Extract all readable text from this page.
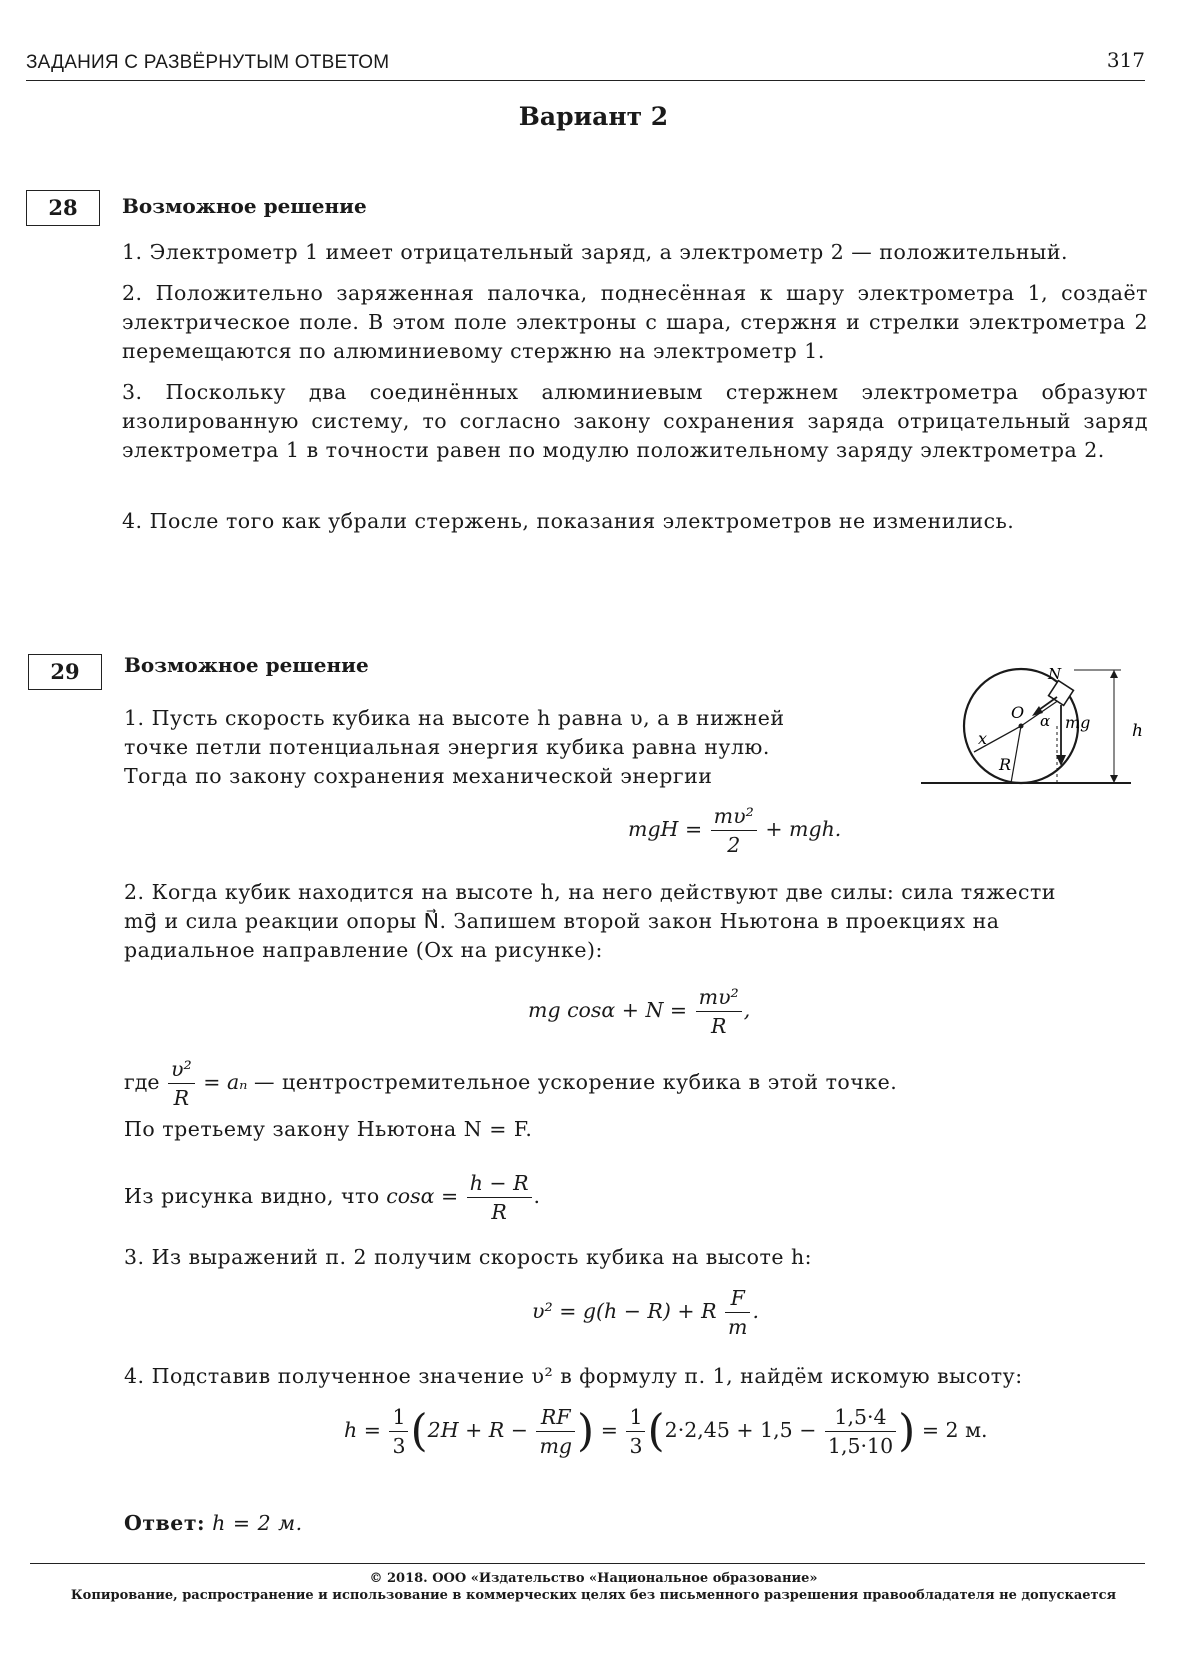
ЗАДАНИЯ С РАЗВЁРНУТЫМ ОТВЕТОМ	317
Вариант 2
28	Возможное решение
1. Электрометр 1 имеет отрицательный заряд, а электрометр 2 — положительный.
2. Положительно заряженная палочка, поднесённая к шару электрометра 1, создаёт электрическое поле. В этом поле электроны с шара, стержня и стрелки электрометра 2 перемещаются по алюминиевому стержню на электрометр 1.
3. Поскольку два соединённых алюминиевым стержнем электрометра образуют изолированную систему, то согласно закону сохранения заряда отрицательный заряд электрометра 1 в точности равен по модулю положительному заряду электрометра 2.
4. После того как убрали стержень, показания электрометров не изменились.
29	Возможное решение
1. Пусть скорость кубика на высоте h равна υ, а в нижней
точке петли потенциальная энергия кубика равна нулю.
Тогда по закону сохранения механической энергии
N
O α mg
x
R
h
mgH = $\frac{\text{mυ²}}{2}$ + mgh.
2. Когда кубик находится на высоте h, на него действуют две силы: сила тяжести
mg⃗ и сила реакции опоры N⃗. Запишем второй закон Ньютона в проекциях на
радиальное направление (Ox на рисунке):
mg $\cos\alpha + N = \frac{\text{mυ²}}{R}$ ,
где $\frac{\text{υ²}}{R} = a_n$ — центростремительное ускорение кубика в этой точке.
По третьему закону Ньютона N = F.
Из рисунка видно, что $\cos\alpha = \frac{h - R}{R}$ .
3. Из выражений п. 2 получим скорость кубика на высоте h:
υ² = g(h − R) + R $\frac{F}{m}$ .
4. Подставив полученное значение υ² в формулу п. 1, найдём искомую высоту:
$h = \frac{1}{3} (2H + R - \frac{RF}{mg}$ ) = $\frac{1}{3} (2\cdot 2,45 + 1,5 - \frac{1,5\cdot 4}{1,5\cdot 10}$ ) = 2 м.
Ответ: h = 2 м.
© 2018. ООО «Издательство «Национальное образование»
Копирование, распространение и использование в коммерческих целях без письменного разрешения правообладателя не допускается
